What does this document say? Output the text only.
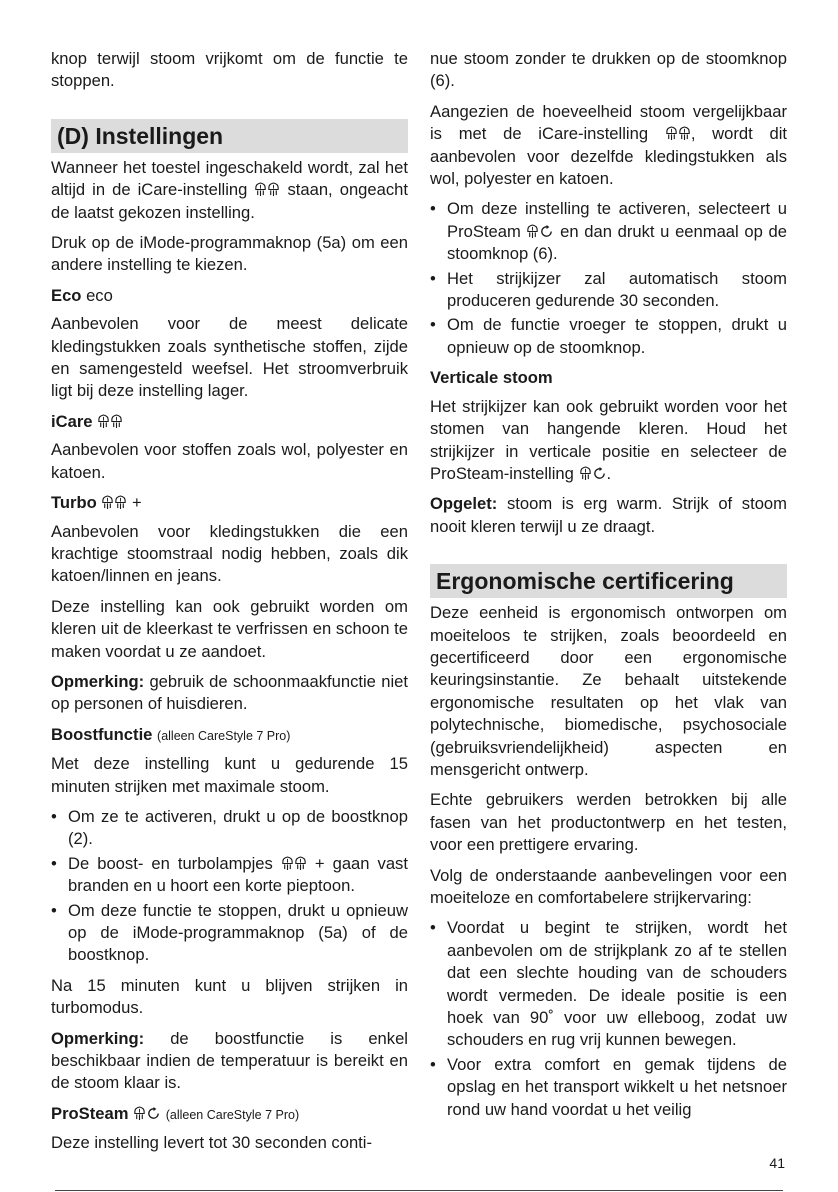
knop terwijl stoom vrijkomt om de functie te stoppen.

(D) Instellingen

Wanneer het toestel ingeschakeld wordt, zal het altijd in de iCare-instelling staan, ongeacht de laatst gekozen instelling.

Druk op de iMode-programmaknop (5a) om een andere instelling te kiezen.

Eco eco

Aanbevolen voor de meest delicate kledingstukken zoals synthetische stoffen, zijde en samengesteld weefsel. Het stroomverbruik ligt bij deze instelling lager.

iCare

Aanbevolen voor stoffen zoals wol, polyester en katoen.

Turbo +

Aanbevolen voor kledingstukken die een krachtige stoomstraal nodig hebben, zoals dik katoen/linnen en jeans.

Deze instelling kan ook gebruikt worden om kleren uit de kleerkast te verfrissen en schoon te maken voordat u ze aandoet.

Opmerking: gebruik de schoonmaakfunctie niet op personen of huisdieren.

Boostfunctie (alleen CareStyle 7 Pro)

Met deze instelling kunt u gedurende 15 minuten strijken met maximale stoom.

• Om ze te activeren, drukt u op de boostknop (2).
• De boost- en turbolampjes	+ gaan vast branden en u hoort een korte pieptoon.
• Om deze functie te stoppen, drukt u opnieuw op de iMode-programmaknop (5a) of de boostknop.

Na 15 minuten kunt u blijven strijken in turbomodus.

Opmerking: de boostfunctie is enkel beschikbaar indien de temperatuur is bereikt en de stoom klaar is.

ProSteam	(alleen CareStyle 7 Pro)

Deze instelling levert tot 30 seconden conti-

nue stoom zonder te drukken op de stoomknop (6).

Aangezien de hoeveelheid stoom vergelijkbaar is met de iCare-instelling	, wordt dit aanbevolen voor dezelfde kledingstukken als wol, polyester en katoen.

• Om deze instelling te activeren, selecteert u ProSteam en dan drukt u eenmaal op de stoomknop (6).
• Het strijkijzer zal automatisch stoom produceren gedurende 30 seconden.
• Om de functie vroeger te stoppen, drukt u opnieuw op de stoomknop.

Verticale stoom

Het strijkijzer kan ook gebruikt worden voor het stomen van hangende kleren. Houd het strijkijzer in verticale positie en selecteer de ProSteam-instelling .

Opgelet: stoom is erg warm. Strijk of stoom nooit kleren terwijl u ze draagt.

Ergonomische certificering

Deze eenheid is ergonomisch ontworpen om moeiteloos te strijken, zoals beoordeeld en gecertificeerd door een ergonomische keuringsinstantie. Ze behaalt uitstekende ergonomische resultaten op het vlak van polytechnische, biomedische, psychosociale (gebruiksvriendelijkheid) aspecten en mensgericht ontwerp.

Echte gebruikers werden betrokken bij alle fasen van het productontwerp en het testen, voor een prettigere ervaring.

Volg de onderstaande aanbevelingen voor een moeiteloze en comfortabelere strijkervaring:

• Voordat u begint te strijken, wordt het aanbevolen om de strijkplank zo af te stellen dat een slechte houding van de schouders wordt vermeden. De ideale positie is een hoek van 90˚ voor uw elleboog, zodat uw schouders en rug vrij kunnen bewegen.
• Voor extra comfort en gemak tijdens de opslag en het transport wikkelt u het netsnoer rond uw hand voordat u het veilig
41
